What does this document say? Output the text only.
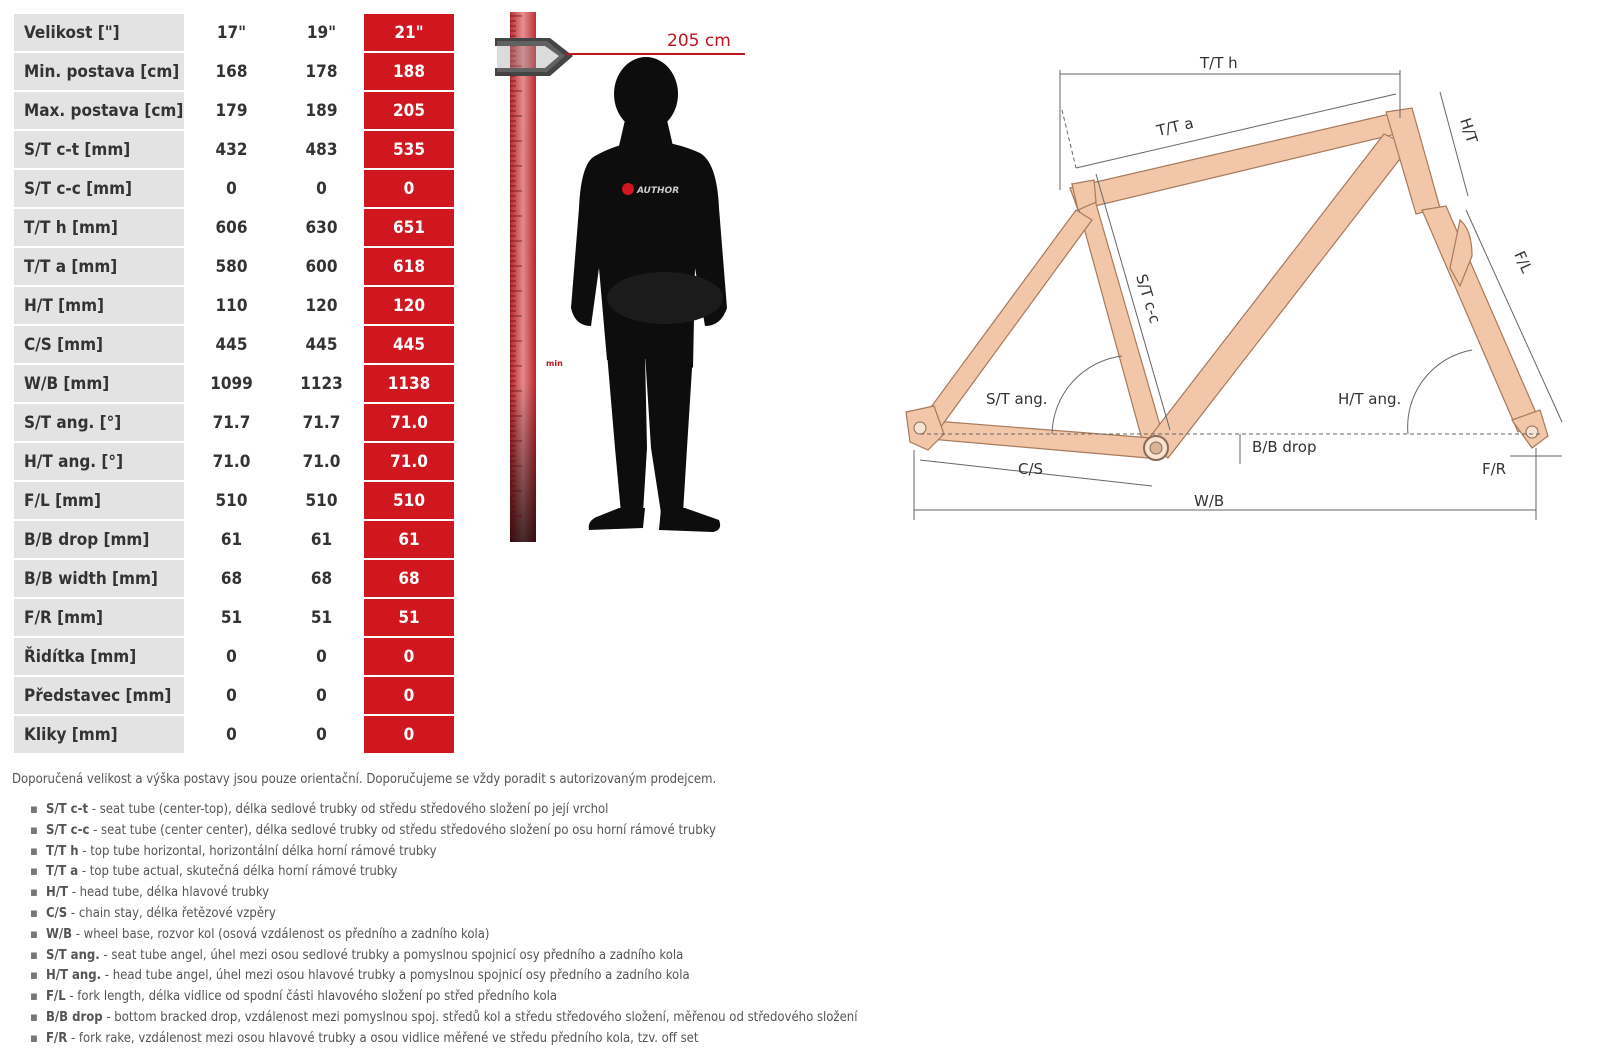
Velikost ["]	17"	19"	21"
Min. postava [cm]	168	178	188
Max. postava [cm]	179	189	205
S/T c-t [mm]	432	483	535
S/T c-c [mm]	0	0	0
T/T h [mm]	606	630	651
T/T a [mm]	580	600	618
H/T [mm]	110	120	120
C/S [mm]	445	445	445
W/B [mm]	1099	1123	1138
S/T ang. [°]	71.7	71.7	71.0
H/T ang. [°]	71.0	71.0	71.0
F/L [mm]	510	510	510
B/B drop [mm]	61	61	61
B/B width [mm]	68	68	68
F/R [mm]	51	51	51
Řidítka [mm]	0	0	0
Představec [mm]	0	0	0
Kliky [mm]	0	0	0
205 cm
min
AUTHOR
T/T h
T/T a	H/T
S/T c-c
F/L
S/T ang.	H/T ang.
B/B drop
C/S	F/R
W/B
Doporučená velikost a výška postavy jsou pouze orientační. Doporučujeme se vždy poradit s autorizovaným prodejcem.
▪ S/T c-t - seat tube (center-top), délka sedlové trubky od středu středového složení po její vrchol
▪ S/T c-c - seat tube (center center), délka sedlové trubky od středu středového složení po osu horní rámové trubky
▪ T/T h - top tube horizontal, horizontální délka horní rámové trubky
▪ T/T a - top tube actual, skutečná délka horní rámové trubky
▪ H/T - head tube, délka hlavové trubky
▪ C/S - chain stay, délka řetězové vzpěry
▪ W/B - wheel base, rozvor kol (osová vzdálenost os předního a zadního kola)
▪ S/T ang. - seat tube angel, úhel mezi osou sedlové trubky a pomyslnou spojnicí osy předního a zadního kola
▪ H/T ang. - head tube angel, úhel mezi osou hlavové trubky a pomyslnou spojnicí osy předního a zadního kola
▪ F/L - fork length, délka vidlice od spodní části hlavového složení po střed předního kola
▪ B/B drop - bottom bracked drop, vzdálenost mezi pomyslnou spoj. středů kol a středu středového složení, měřenou od středového složení
▪ F/R - fork rake, vzdálenost mezi osou hlavové trubky a osou vidlice měřené ve středu předního kola, tzv. off set
